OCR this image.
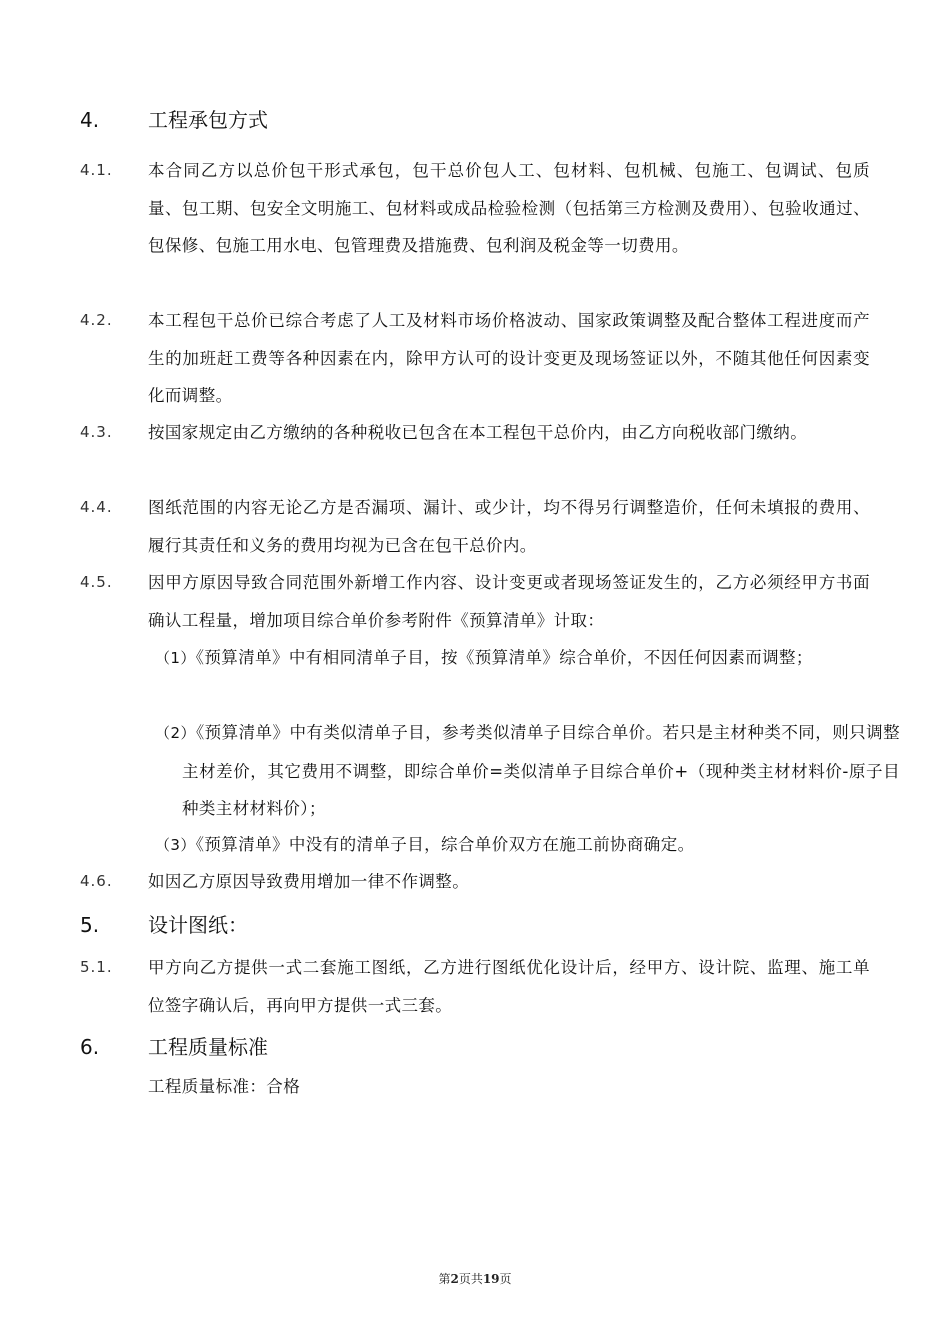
4. 工程承包方式
4.1. 本合同乙方以总价包干形式承包，包干总价包人工、包材料、包机械、包施工、包调试、包质量、包工期、包安全文明施工、包材料或成品检验检测（包括第三方检测及费用）、包验收通过、包保修、包施工用水电、包管理费及措施费、包利润及税金等一切费用。
4.2. 本工程包干总价已综合考虑了人工及材料市场价格波动、国家政策调整及配合整体工程进度而产生的加班赶工费等各种因素在内，除甲方认可的设计变更及现场签证以外，不随其他任何因素变化而调整。
4.3. 按国家规定由乙方缴纳的各种税收已包含在本工程包干总价内，由乙方向税收部门缴纳。
4.4. 图纸范围的内容无论乙方是否漏项、漏计、或少计，均不得另行调整造价，任何未填报的费用、履行其责任和义务的费用均视为已含在包干总价内。
4.5. 因甲方原因导致合同范围外新增工作内容、设计变更或者现场签证发生的，乙方必须经甲方书面确认工程量，增加项目综合单价参考附件《预算清单》计取：
（1）《预算清单》中有相同清单子目，按《预算清单》综合单价，不因任何因素而调整；
（2）《预算清单》中有类似清单子目，参考类似清单子目综合单价。若只是主材种类不同，则只调整主材差价，其它费用不调整，即综合单价=类似清单子目综合单价+（现种类主材材料价-原子目种类主材材料价）；
（3）《预算清单》中没有的清单子目，综合单价双方在施工前协商确定。
4.6. 如因乙方原因导致费用增加一律不作调整。
5. 设计图纸：
5.1. 甲方向乙方提供一式二套施工图纸，乙方进行图纸优化设计后，经甲方、设计院、监理、施工单位签字确认后，再向甲方提供一式三套。
6. 工程质量标准
工程质量标准：合格
第2页共19页
